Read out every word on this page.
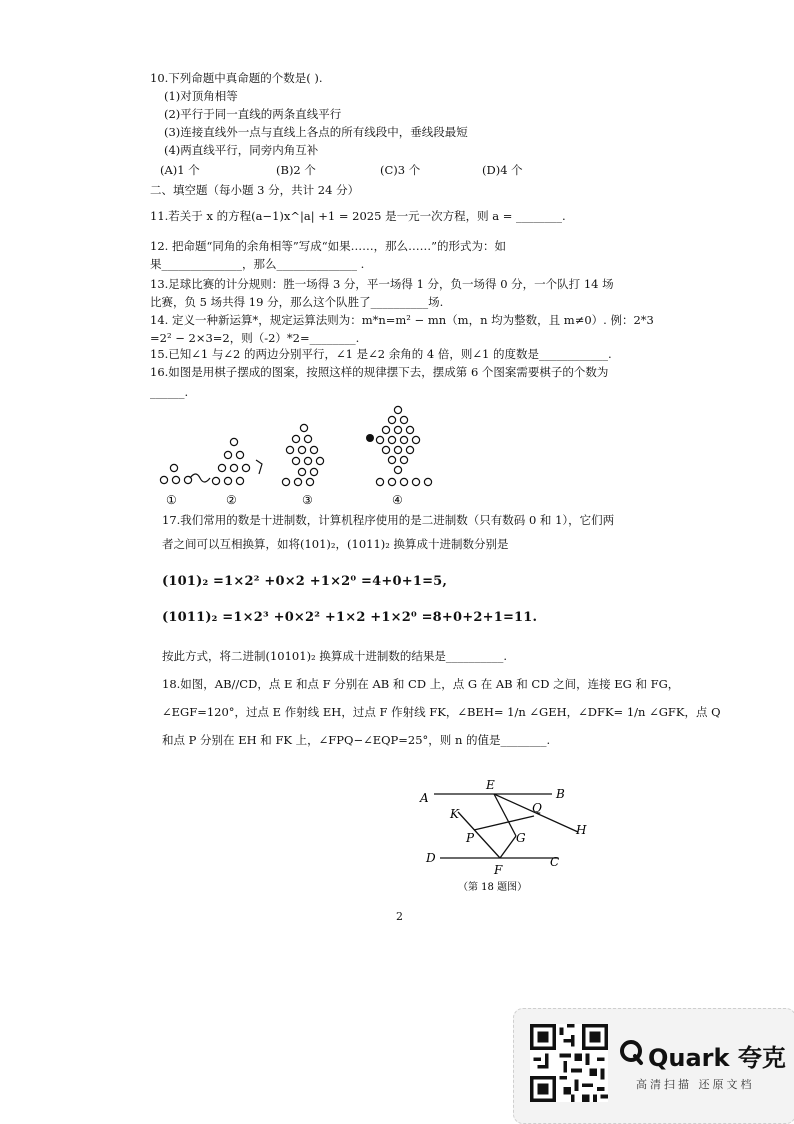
10.下列命题中真命题的个数是( ).
(1)对顶角相等
(2)平行于同一直线的两条直线平行
(3)连接直线外一点与直线上各点的所有线段中，垂线段最短
(4)两直线平行，同旁内角互补
(A)1 个	(B)2 个	(C)3 个	(D)4 个
二、填空题（每小题 3 分，共计 24 分）
11.若关于 x 的方程(a−1)x^|a| +1 = 2025 是一元一次方程，则 a = ________.
12. 把命题“同角的余角相等”写成“如果……，那么……”的形式为：如
果______________，那么______________ .
13.足球比赛的计分规则：胜一场得 3 分，平一场得 1 分，负一场得 0 分，一个队打 14 场
比赛，负 5 场共得 19 分，那么这个队胜了__________场.
14. 定义一种新运算*，规定运算法则为：m*n=m² − mn（m，n 均为整数，且 m≠0）. 例：2*3
=2² − 2×3=2，则（-2）*2=________.
15.已知∠1 与∠2 的两边分别平行，∠1 是∠2 余角的 4 倍，则∠1 的度数是____________.
16.如图是用棋子摆成的图案，按照这样的规律摆下去，摆成第 6 个图案需要棋子的个数为
______.
①	②	③	④
17.我们常用的数是十进制数，计算机程序使用的是二进制数（只有数码 0 和 1），它们两
者之间可以互相换算，如将(101)₂，(1011)₂ 换算成十进制数分别是
(101)₂ =1×2² +0×2 +1×2⁰ =4+0+1=5,
(1011)₂ =1×2³ +0×2² +1×2 +1×2⁰ =8+0+2+1=11.
按此方式，将二进制(10101)₂ 换算成十进制数的结果是__________.
18.如图，AB//CD，点 E 和点 F 分别在 AB 和 CD 上，点 G 在 AB 和 CD 之间，连接 EG 和 FG，
∠EGF=120°，过点 E 作射线 EH，过点 F 作射线 FK，∠BEH= 1/n ∠GEH，∠DFK= 1/n ∠GFK，点 Q
和点 P 分别在 EH 和 FK 上，∠FPQ−∠EQP=25°，则 n 的值是________.
A
E
B
K	Q
H
P	G
D
F
C
（第 18 题图）
2
Quark 夸克
高清扫描 还原文档
